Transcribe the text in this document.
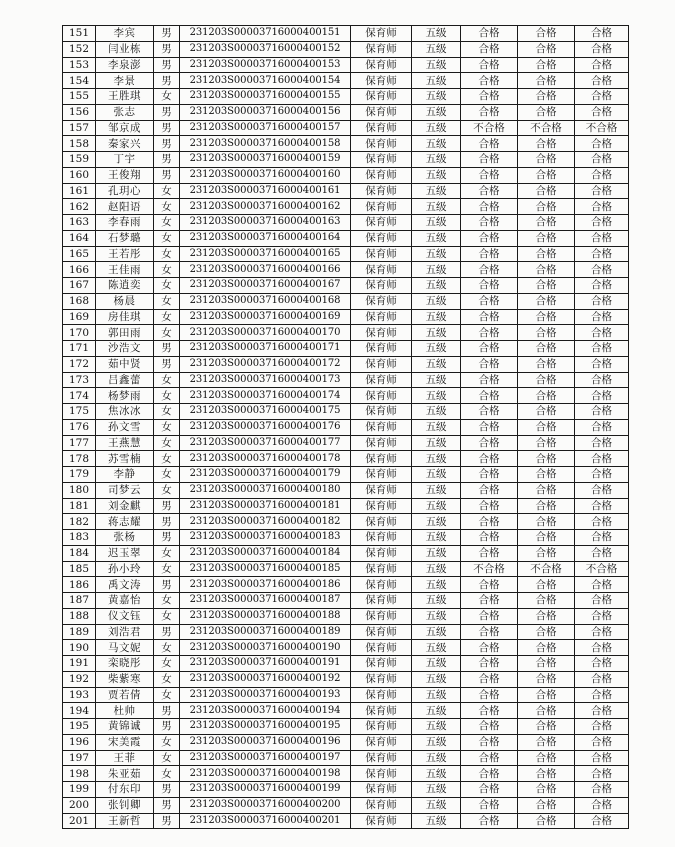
151	李宾	男	231203S000037160004001​51	保育师	五级	合格	合格	合格
152	闫业栋	男	231203S00003716000400152	保育师	五级	合格	合格	合格
153	李泉澎	男	231203S00003716000400153	保育师	五级	合格	合格	合格
154	李景	男	231203S00003716000400154	保育师	五级	合格	合格	合格
155	王胜琪	女	231203S00003716000400155	保育师	五级	合格	合格	合格
156	张志	男	231203S00003716000400156	保育师	五级	合格	合格	合格
157	邹京成	男	231203S00003716000400157	保育师	五级	不合格	不合格	不合格
158	秦家兴	男	231203S00003716000400158	保育师	五级	合格	合格	合格
159	丁宇	男	231203S00003716000400159	保育师	五级	合格	合格	合格
160	王俊翔	男	231203S00003716000400160	保育师	五级	合格	合格	合格
161	孔玥心	女	231203S00003716000400161	保育师	五级	合格	合格	合格
162	赵阳语	女	231203S00003716000400162	保育师	五级	合格	合格	合格
163	李春雨	女	231203S00003716000400163	保育师	五级	合格	合格	合格
164	石梦璐	女	231203S00003716000400164	保育师	五级	合格	合格	合格
165	王若彤	女	231203S00003716000400165	保育师	五级	合格	合格	合格
166	王佳雨	女	231203S00003716000400166	保育师	五级	合格	合格	合格
167	陈逍奕	女	231203S00003716000400167	保育师	五级	合格	合格	合格
168	杨晨	女	231203S00003716000400168	保育师	五级	合格	合格	合格
169	房佳琪	女	231203S00003716000400169	保育师	五级	合格	合格	合格
170	郭田雨	女	231203S00003716000400170	保育师	五级	合格	合格	合格
171	沙浩文	男	231203S00003716000400171	保育师	五级	合格	合格	合格
172	茹中贤	男	231203S00003716000400172	保育师	五级	合格	合格	合格
173	吕鑫蕾	女	231203S00003716000400173	保育师	五级	合格	合格	合格
174	杨梦雨	女	231203S00003716000400174	保育师	五级	合格	合格	合格
175	焦冰冰	女	231203S00003716000400175	保育师	五级	合格	合格	合格
176	孙文雪	女	231203S00003716000400176	保育师	五级	合格	合格	合格
177	王燕慧	女	231203S00003716000400177	保育师	五级	合格	合格	合格
178	苏雪楠	女	231203S00003716000400178	保育师	五级	合格	合格	合格
179	李静	女	231203S00003716000400179	保育师	五级	合格	合格	合格
180	司梦云	女	231203S00003716000400180	保育师	五级	合格	合格	合格
181	刘金麒	男	231203S00003716000400181	保育师	五级	合格	合格	合格
182	蒋志耀	男	231203S00003716000400182	保育师	五级	合格	合格	合格
183	张杨	男	231203S00003716000400183	保育师	五级	合格	合格	合格
184	迟玉翠	女	231203S00003716000400184	保育师	五级	合格	合格	合格
185	孙小玲	女	231203S00003716000400185	保育师	五级	不合格	不合格	不合格
186	禹文涛	男	231203S00003716000400186	保育师	五级	合格	合格	合格
187	黄嘉怡	女	231203S00003716000400187	保育师	五级	合格	合格	合格
188	仪文钰	女	231203S00003716000400188	保育师	五级	合格	合格	合格
189	刘浩君	男	231203S00003716000400189	保育师	五级	合格	合格	合格
190	马文妮	女	231203S00003716000400190	保育师	五级	合格	合格	合格
191	栾晓彤	女	231203S00003716000400191	保育师	五级	合格	合格	合格
192	柴紫寒	女	231203S00003716000400192	保育师	五级	合格	合格	合格
193	贾若倩	女	231203S00003716000400193	保育师	五级	合格	合格	合格
194	杜帅	男	231203S00003716000400194	保育师	五级	合格	合格	合格
195	黄锦诚	男	231203S00003716000400195	保育师	五级	合格	合格	合格
196	宋美霞	女	231203S00003716000400196	保育师	五级	合格	合格	合格
197	王菲	女	231203S00003716000400197	保育师	五级	合格	合格	合格
198	朱亚茹	女	231203S00003716000400198	保育师	五级	合格	合格	合格
199	付东印	男	231203S00003716000400199	保育师	五级	合格	合格	合格
200	张钊卿	男	231203S00003716000400200	保育师	五级	合格	合格	合格
201	王新哲	男	231203S00003716000400201	保育师	五级	合格	合格	合格
